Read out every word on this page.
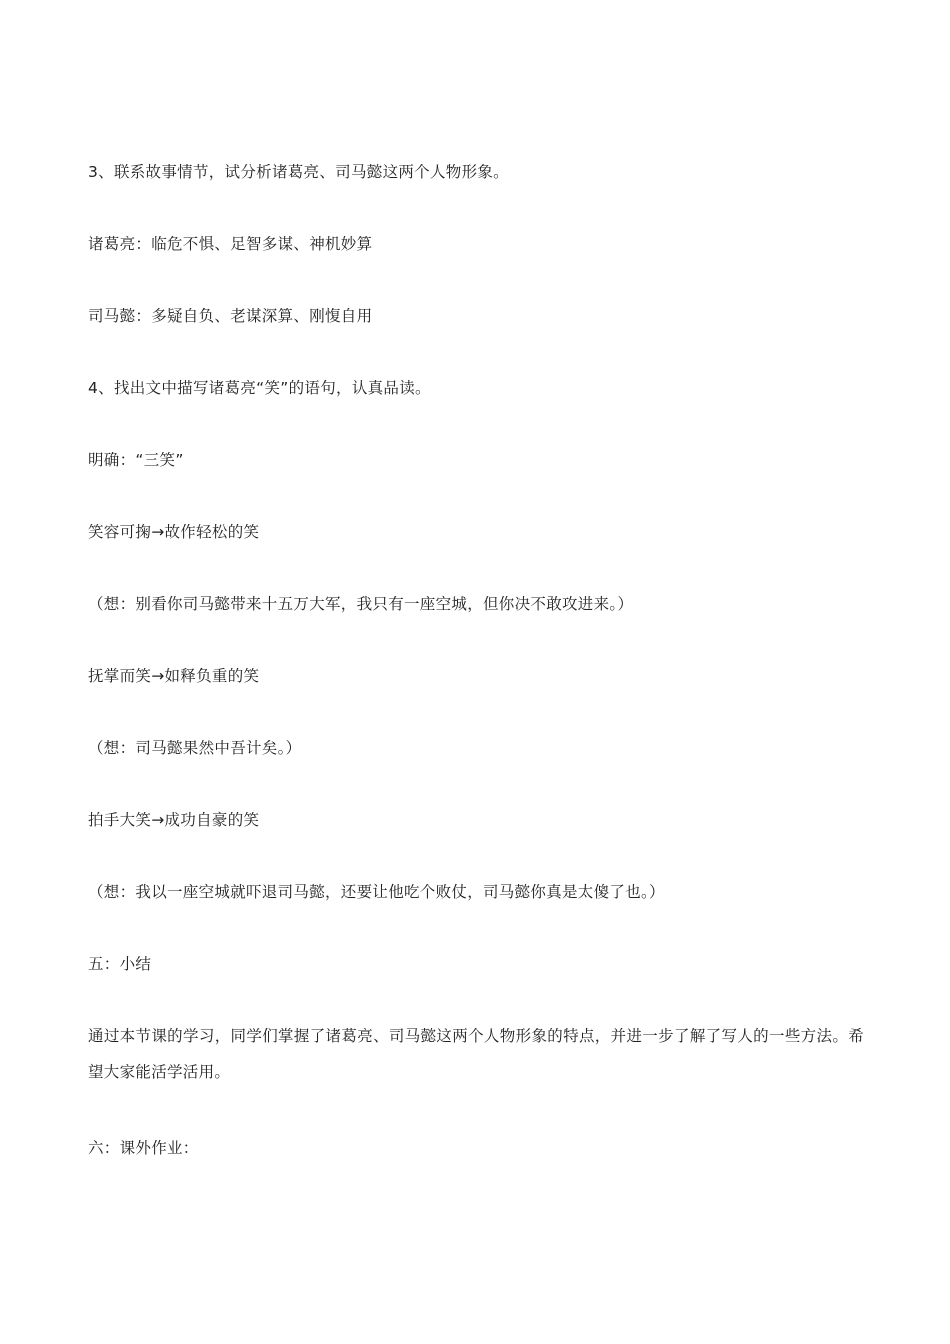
3、联系故事情节，试分析诸葛亮、司马懿这两个人物形象。
诸葛亮：临危不惧、足智多谋、神机妙算
司马懿：多疑自负、老谋深算、刚愎自用
4、找出文中描写诸葛亮“笑”的语句，认真品读。
明确：“三笑”
笑容可掬→故作轻松的笑
（想：别看你司马懿带来十五万大军，我只有一座空城，但你决不敢攻进来。）
抚掌而笑→如释负重的笑
（想：司马懿果然中吾计矣。）
拍手大笑→成功自豪的笑
（想：我以一座空城就吓退司马懿，还要让他吃个败仗，司马懿你真是太傻了也。）
五：小结
通过本节课的学习，同学们掌握了诸葛亮、司马懿这两个人物形象的特点，并进一步了解了写人的一些方法。希望大家能活学活用。
六：课外作业：
